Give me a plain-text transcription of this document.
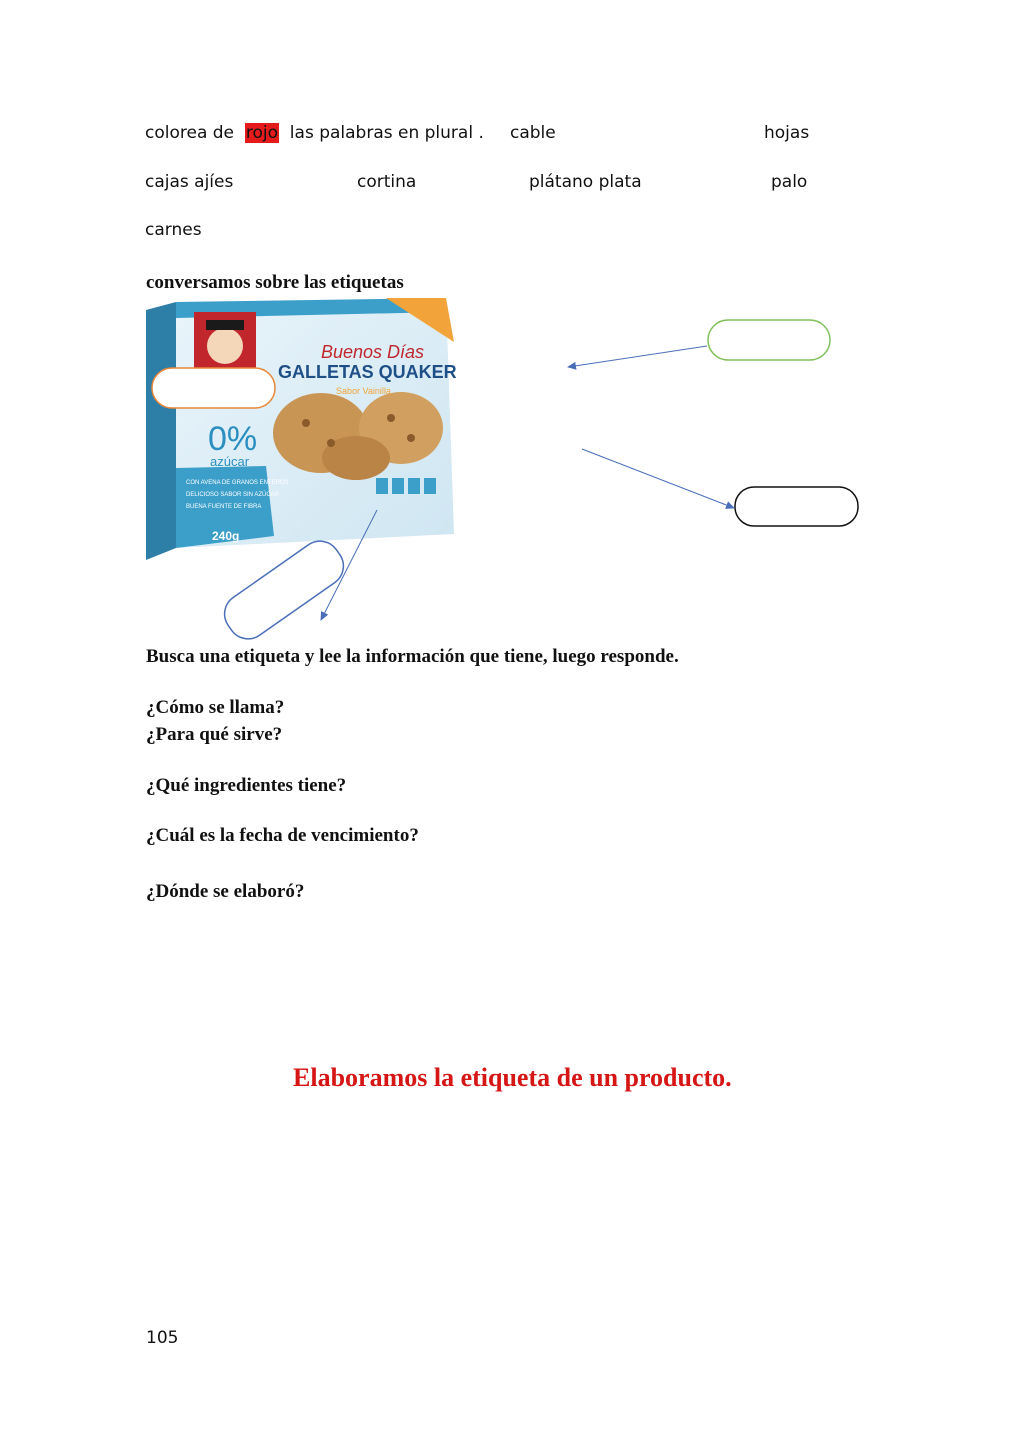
colorea de rojo las palabras en plural . cable	hojas
cajas ajíes	cortina	plátano plata	palo
carnes
conversamos sobre las etiquetas
Buenos Días
GALLETAS QUAKER
Sabor Vainilla
0%
azúcar
CON AVENA DE GRANOS ENTEROS
DELICIOSO SABOR SIN AZÚCAR
BUENA FUENTE DE FIBRA
240g
Busca una etiqueta y lee la información que tiene, luego responde.
¿Cómo se llama?
¿Para qué sirve?
¿Qué ingredientes tiene?
¿Cuál es la fecha de vencimiento?
¿Dónde se elaboró?
Elaboramos la etiqueta de un producto.
105
